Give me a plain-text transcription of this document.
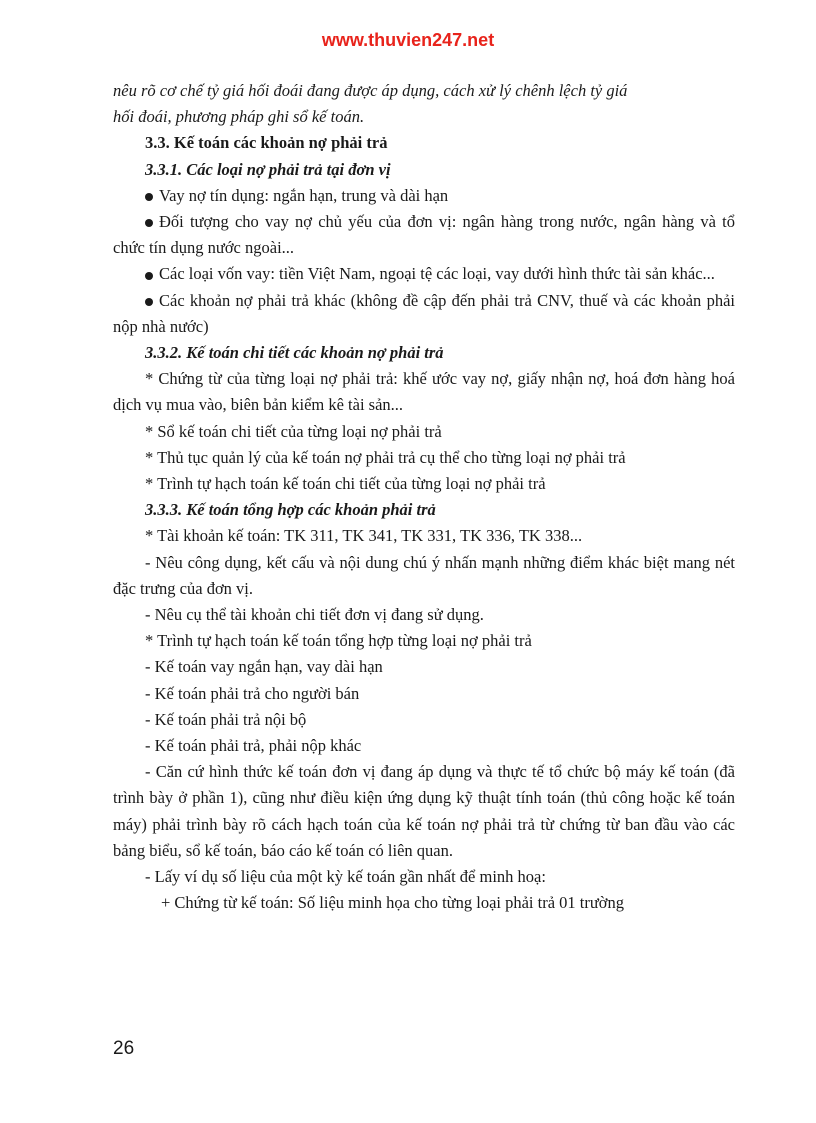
www.thuvien247.net

nêu rõ cơ chế tỷ giá hối đoái đang được áp dụng, cách xử lý chênh lệch tỷ giá

hối đoái, phương pháp ghi sổ kế toán.

3.3. Kế toán các khoản nợ phải trả

3.3.1. Các loại nợ phải trả tại đơn vị

Vay nợ tín dụng: ngắn hạn, trung và dài hạn

Đối tượng cho vay nợ chủ yếu của đơn vị: ngân hàng trong nước, ngân hàng và tổ chức tín dụng nước ngoài...

Các loại vốn vay: tiền Việt Nam, ngoại tệ các loại, vay dưới hình thức tài sản khác...

Các khoản nợ phải trả khác (không đề cập đến phải trả CNV, thuế và các khoản phải nộp nhà nước)

3.3.2. Kế toán chi tiết các khoản nợ phải trả

* Chứng từ của từng loại nợ phải trả: khế ước vay nợ, giấy nhận nợ, hoá đơn hàng hoá dịch vụ mua vào, biên bản kiểm kê tài sản...

* Sổ kế toán chi tiết của từng loại nợ phải trả

* Thủ tục quản lý của kế toán nợ phải trả cụ thể cho từng loại nợ phải trả

* Trình tự hạch toán kế toán chi tiết của từng loại nợ phải trả

3.3.3. Kế toán tổng hợp các khoản phải trả

* Tài khoản kế toán: TK 311, TK 341, TK 331, TK 336, TK 338...

- Nêu công dụng, kết cấu và nội dung chú ý nhấn mạnh những điểm khác biệt mang nét đặc trưng của đơn vị.

- Nêu cụ thể tài khoản chi tiết đơn vị đang sử dụng.

* Trình tự hạch toán kế toán tổng hợp từng loại nợ phải trả

- Kế toán vay ngắn hạn, vay dài hạn

- Kế toán phải trả cho người bán

- Kế toán phải trả nội bộ

- Kế toán phải trả, phải nộp khác

- Căn cứ hình thức kế toán đơn vị đang áp dụng và thực tế tổ chức bộ máy kế toán (đã trình bày ở phần 1), cũng như điều kiện ứng dụng kỹ thuật tính toán (thủ công hoặc kế toán máy) phải trình bày rõ cách hạch toán của kế toán nợ phải trả từ chứng từ ban đầu vào các bảng biểu, sổ kế toán, báo cáo kế toán có liên quan.

- Lấy ví dụ số liệu của một kỳ kế toán gần nhất để minh hoạ:

+ Chứng từ kế toán: Số liệu minh họa cho từng loại phải trả 01 trường

26
